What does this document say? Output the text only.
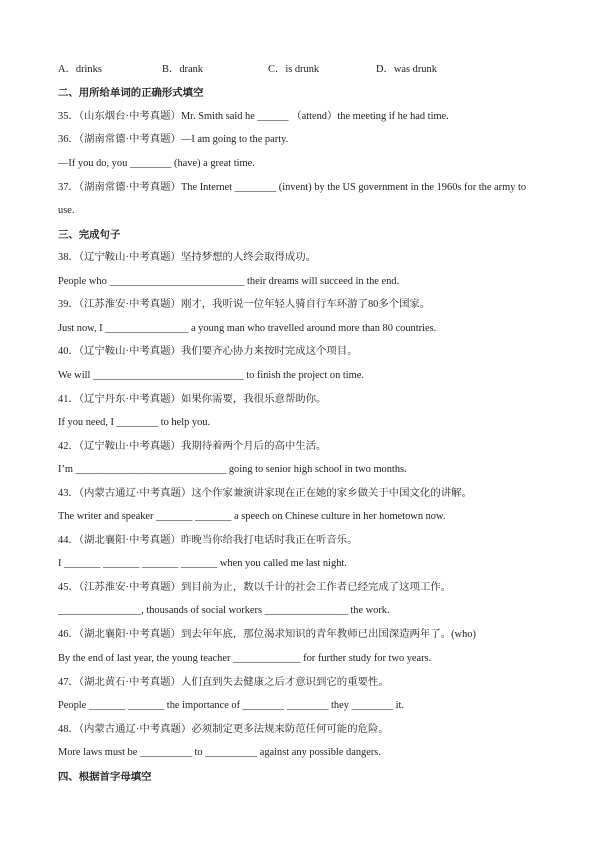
A．drinks	B．drank	C．is drunk	D．was drunk
二、用所给单词的正确形式填空
35．（山东烟台·中考真题）Mr. Smith said he ______ （attend）the meeting if he had time.
36．（湖南常德·中考真题）—I am going to the party.
—If you do, you ________ (have) a great time.
37．（湖南常德·中考真题）The Internet ________ (invent) by the US government in the 1960s for the army to
use.
三、完成句子
38．（辽宁鞍山·中考真题）坚持梦想的人终会取得成功。
People who __________________________ their dreams will succeed in the end.
39．（江苏淮安·中考真题）刚才，我听说一位年轻人骑自行车环游了80多个国家。
Just now, I ________________ a young man who travelled around more than 80 countries.
40．（辽宁鞍山·中考真题）我们要齐心协力来按时完成这个项目。
We will _____________________________ to finish the project on time.
41．（辽宁丹东·中考真题）如果你需要，我很乐意帮助你。
If you need, I ________ to help you.
42．（辽宁鞍山·中考真题）我期待着两个月后的高中生活。
I’m _____________________________ going to senior high school in two months.
43．（内蒙古通辽·中考真题）这个作家兼演讲家现在正在她的家乡做关于中国文化的讲解。
The writer and speaker _______ _______ a speech on Chinese culture in her hometown now.
44．（湖北襄阳·中考真题）昨晚当你给我打电话时我正在听音乐。
I _______ _______ _______ _______ when you called me last night.
45．（江苏淮安·中考真题）到目前为止，数以千计的社会工作者已经完成了这项工作。
________________, thousands of social workers ________________ the work.
46．（湖北襄阳·中考真题）到去年年底，那位渴求知识的青年教师已出国深造两年了。(who)
By the end of last year, the young teacher _____________ for further study for two years.
47．（湖北黄石·中考真题）人们直到失去健康之后才意识到它的重要性。
People _______ _______ the importance of ________ ________ they ________ it.
48．（内蒙古通辽·中考真题）必须制定更多法规来防范任何可能的危险。
More laws must be __________ to __________ against any possible dangers.
四、根据首字母填空
